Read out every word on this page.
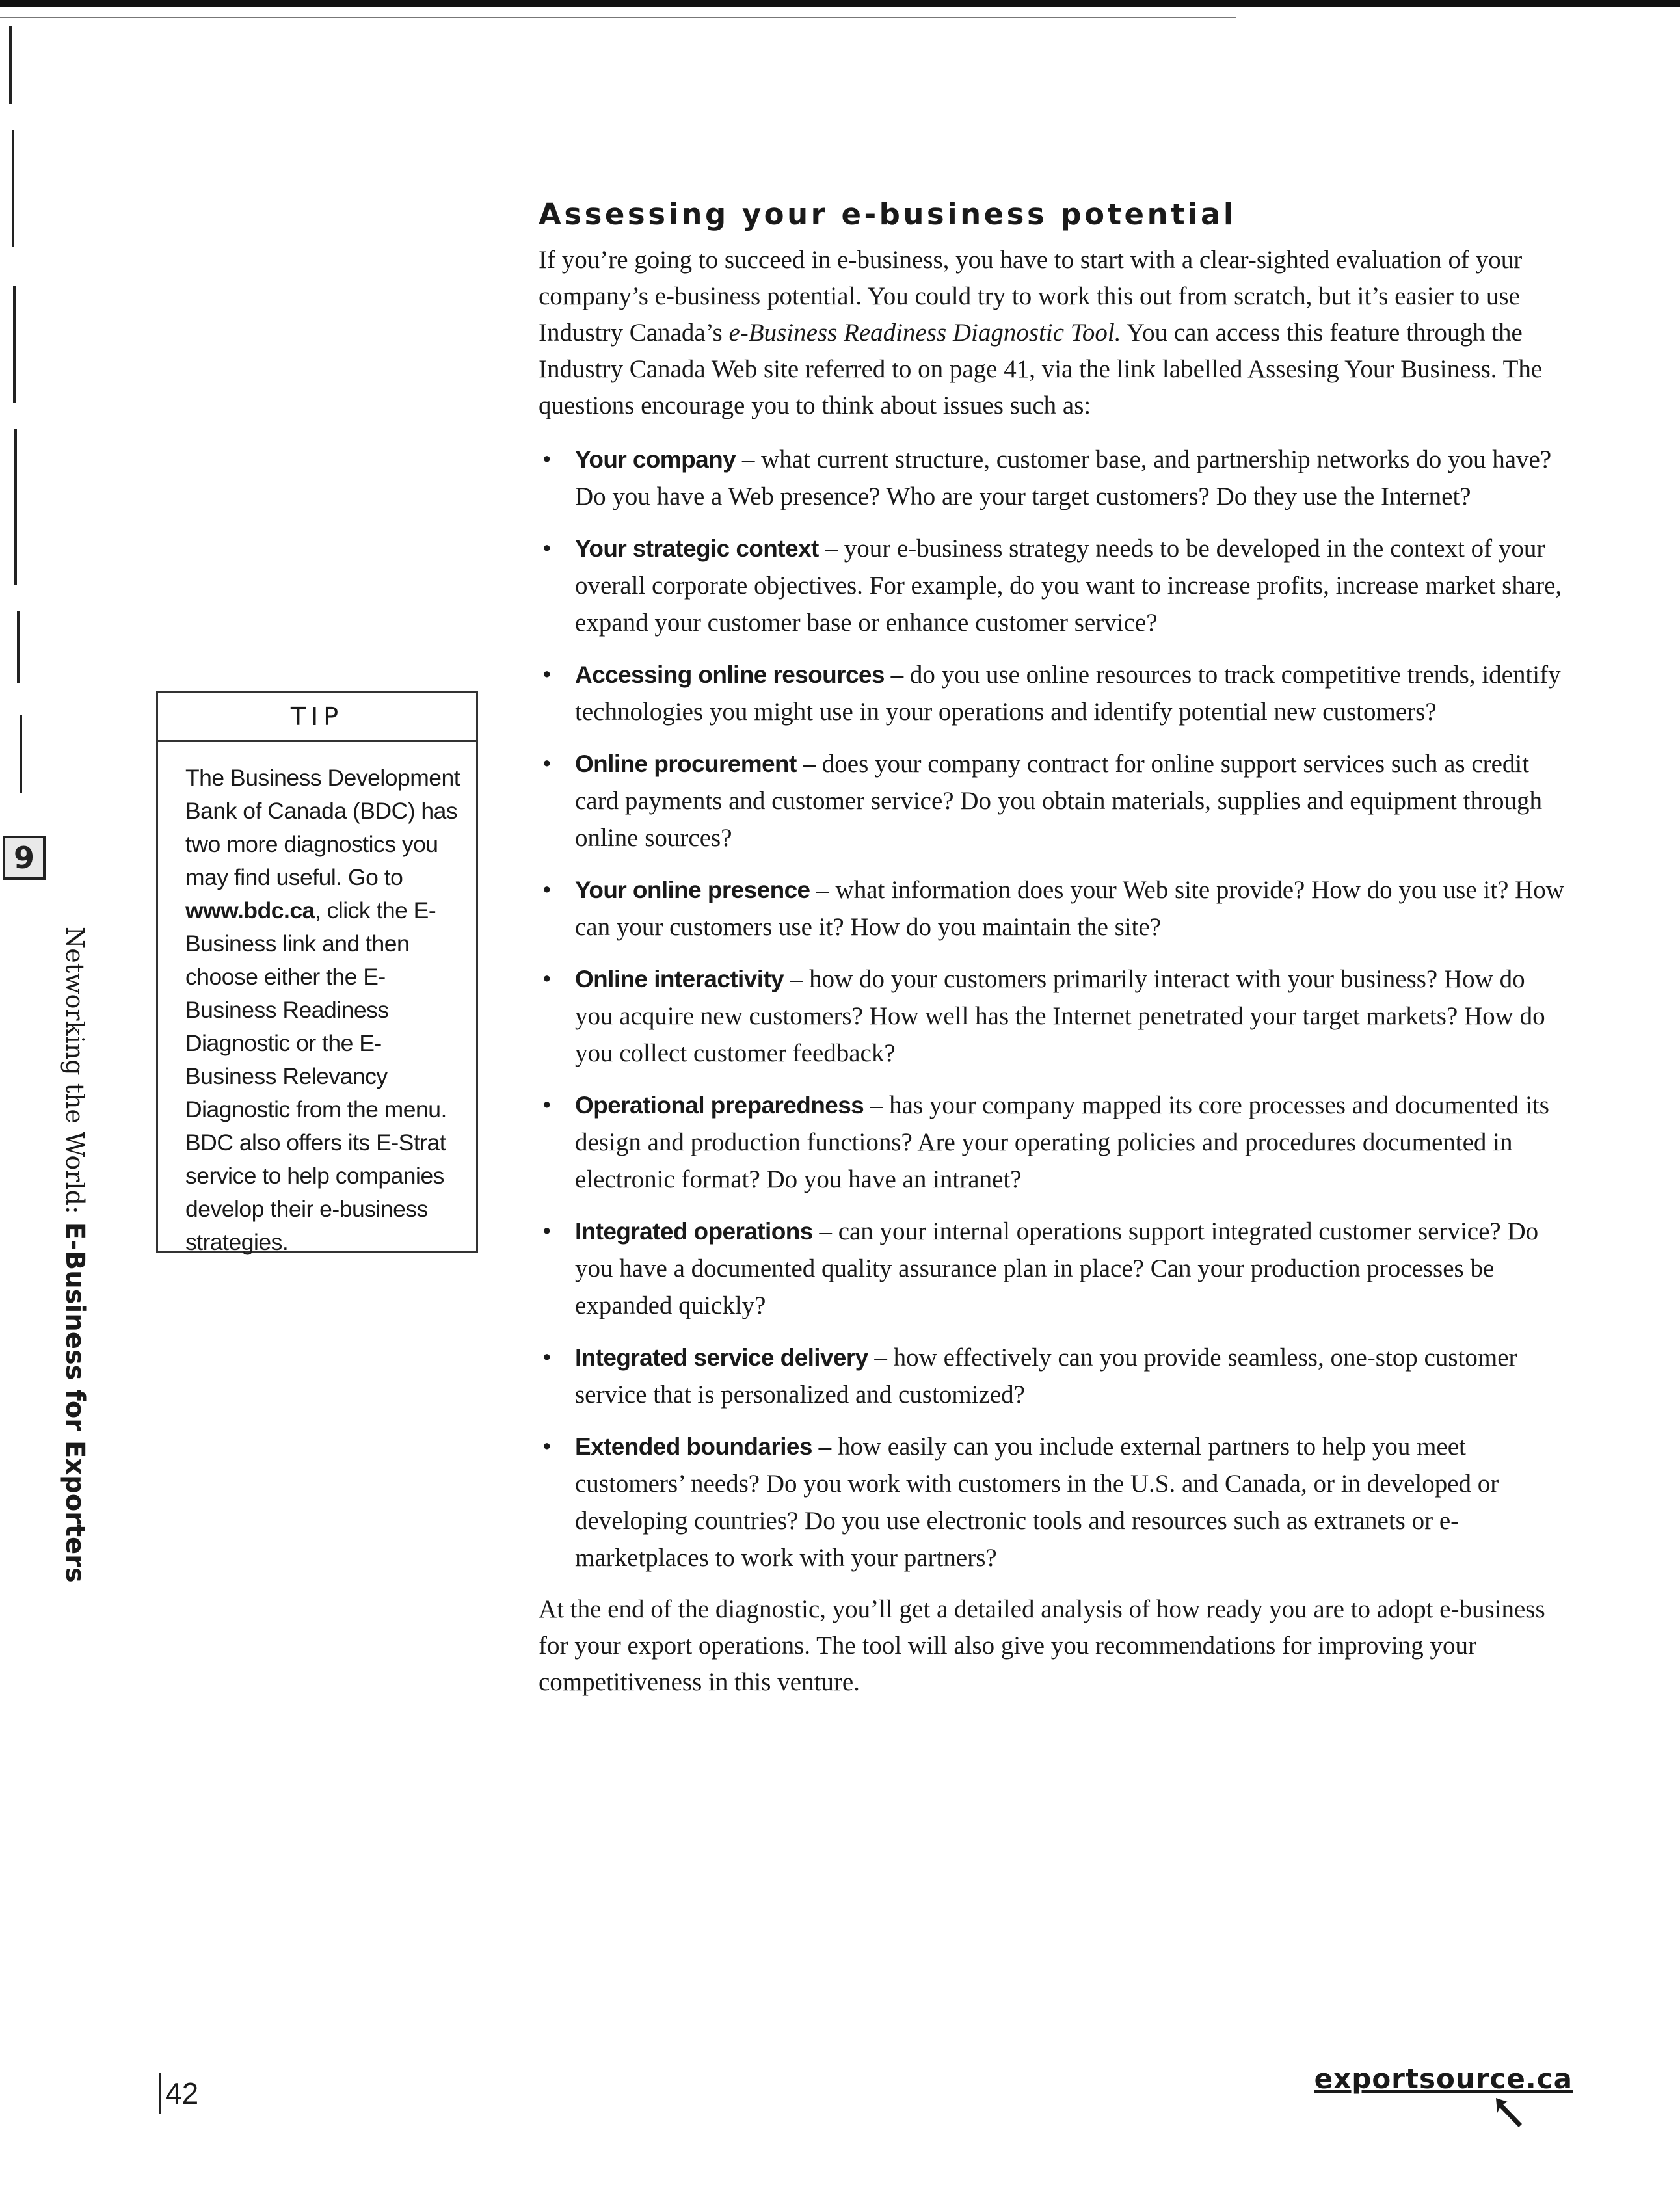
9
Networking the World: E-Business for Exporters
TIP
The Business Development Bank of Canada (BDC) has two more diagnostics you may find useful. Go to www.bdc.ca, click the E-Business link and then choose either the E-Business Readiness Diagnostic or the E-Business Relevancy Diagnostic from the menu. BDC also offers its E-Strat service to help companies develop their e-business strategies.
Assessing your e-business potential

If you’re going to succeed in e-business, you have to start with a clear-sighted evaluation of your company’s e-business potential. You could try to work this out from scratch, but it’s easier to use Industry Canada’s e-Business Readiness Diagnostic Tool. You can access this feature through the Industry Canada Web site referred to on page 41, via the link labelled Assesing Your Business. The questions encourage you to think about issues such as:

• Your company – what current structure, customer base, and partnership networks do you have? Do you have a Web presence? Who are your target customers? Do they use the Internet?
• Your strategic context – your e-business strategy needs to be developed in the context of your overall corporate objectives. For example, do you want to increase profits, increase market share, expand your customer base or enhance customer service?
• Accessing online resources – do you use online resources to track competitive trends, identify technologies you might use in your operations and identify potential new customers?
• Online procurement – does your company contract for online support services such as credit card payments and customer service? Do you obtain materials, supplies and equipment through online sources?
• Your online presence – what information does your Web site provide? How do you use it? How can your customers use it? How do you maintain the site?
• Online interactivity – how do your customers primarily interact with your business? How do you acquire new customers? How well has the Internet penetrated your target markets? How do you collect customer feedback?
• Operational preparedness – has your company mapped its core processes and documented its design and production functions? Are your operating policies and procedures documented in electronic format? Do you have an intranet?
• Integrated operations – can your internal operations support integrated customer service? Do you have a documented quality assurance plan in place? Can your production processes be expanded quickly?
• Integrated service delivery – how effectively can you provide seamless, one-stop customer service that is personalized and customized?
• Extended boundaries – how easily can you include external partners to help you meet customers’ needs? Do you work with customers in the U.S. and Canada, or in developed or developing countries? Do you use electronic tools and resources such as extranets or e-marketplaces to work with your partners?

At the end of the diagnostic, you’ll get a detailed analysis of how ready you are to adopt e-business for your export operations. The tool will also give you recommendations for improving your competitiveness in this venture.

42	exportsource.ca
